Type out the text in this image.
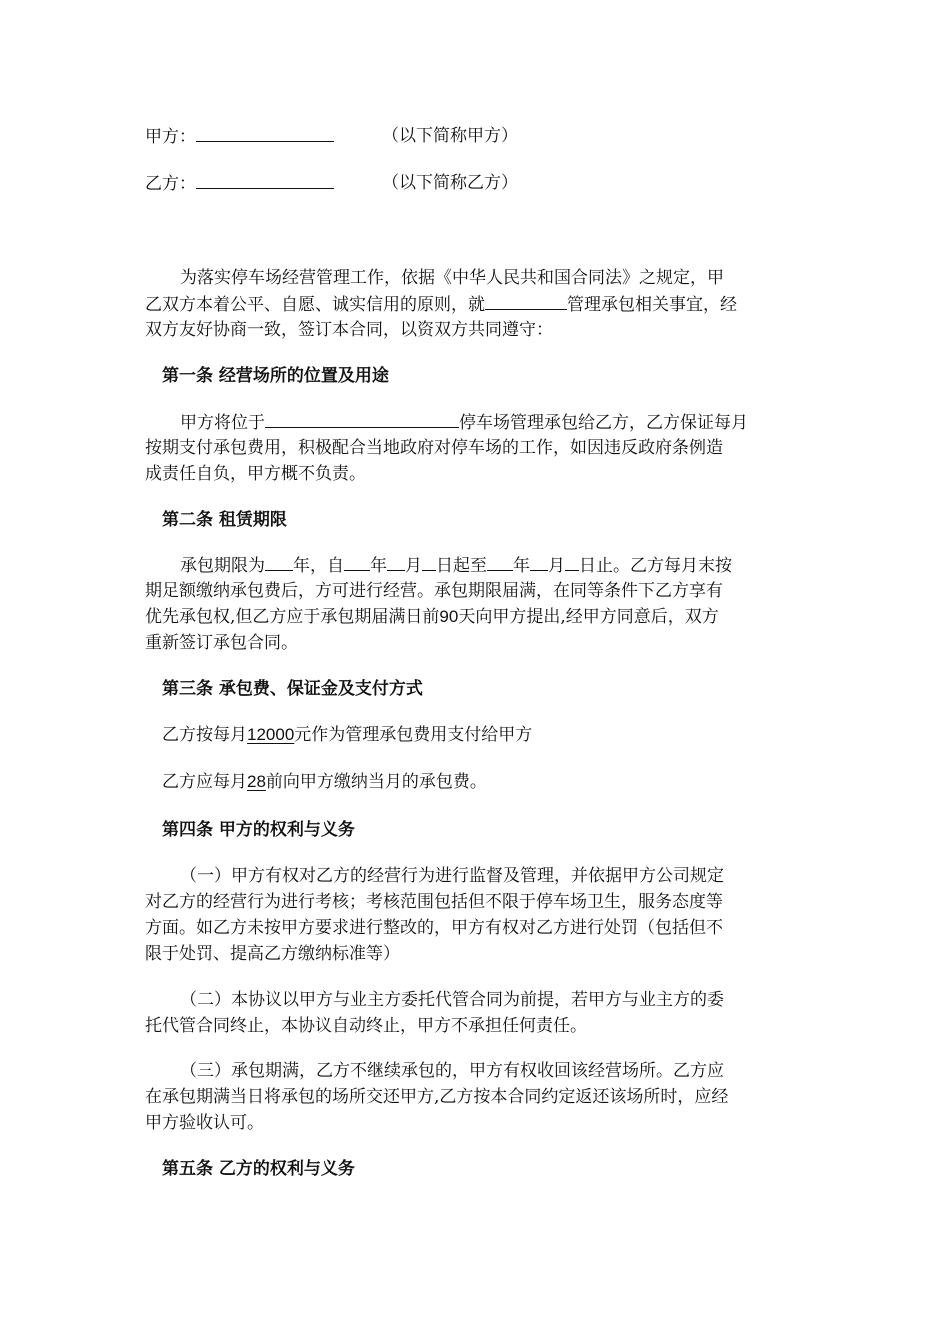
甲方：	（以下简称甲方）
乙方：	（以下简称乙方）
为落实停车场经营管理工作，依据《中华人民共和国合同法》之规定，甲
乙双方本着公平、自愿、诚实信用的原则，就	管理承包相关事宜，经
双方友好协商一致，签订本合同，以资双方共同遵守：
第一条 经营场所的位置及用途
甲方将位于	停车场管理承包给乙方，乙方保证每月
按期支付承包费用，积极配合当地政府对停车场的工作，如因违反政府条例造
成责任自负，甲方概不负责。
第二条 租赁期限
承包期限为 年，自 年 月 日起至 年 月 日止。乙方每月末按
期足额缴纳承包费后，方可进行经营。承包期限届满，在同等条件下乙方享有
优先承包权,但乙方应于承包期届满日前90天向甲方提出,经甲方同意后，双方
重新签订承包合同。
第三条 承包费、保证金及支付方式
乙方按每月12000元作为管理承包费用支付给甲方
乙方应每月28前向甲方缴纳当月的承包费。
第四条 甲方的权利与义务
（一）甲方有权对乙方的经营行为进行监督及管理，并依据甲方公司规定
对乙方的经营行为进行考核；考核范围包括但不限于停车场卫生，服务态度等
方面。如乙方未按甲方要求进行整改的，甲方有权对乙方进行处罚（包括但不
限于处罚、提高乙方缴纳标准等）
（二）本协议以甲方与业主方委托代管合同为前提，若甲方与业主方的委
托代管合同终止，本协议自动终止，甲方不承担任何责任。
（三）承包期满，乙方不继续承包的，甲方有权收回该经营场所。乙方应
在承包期满当日将承包的场所交还甲方,乙方按本合同约定返还该场所时，应经
甲方验收认可。
第五条 乙方的权利与义务
